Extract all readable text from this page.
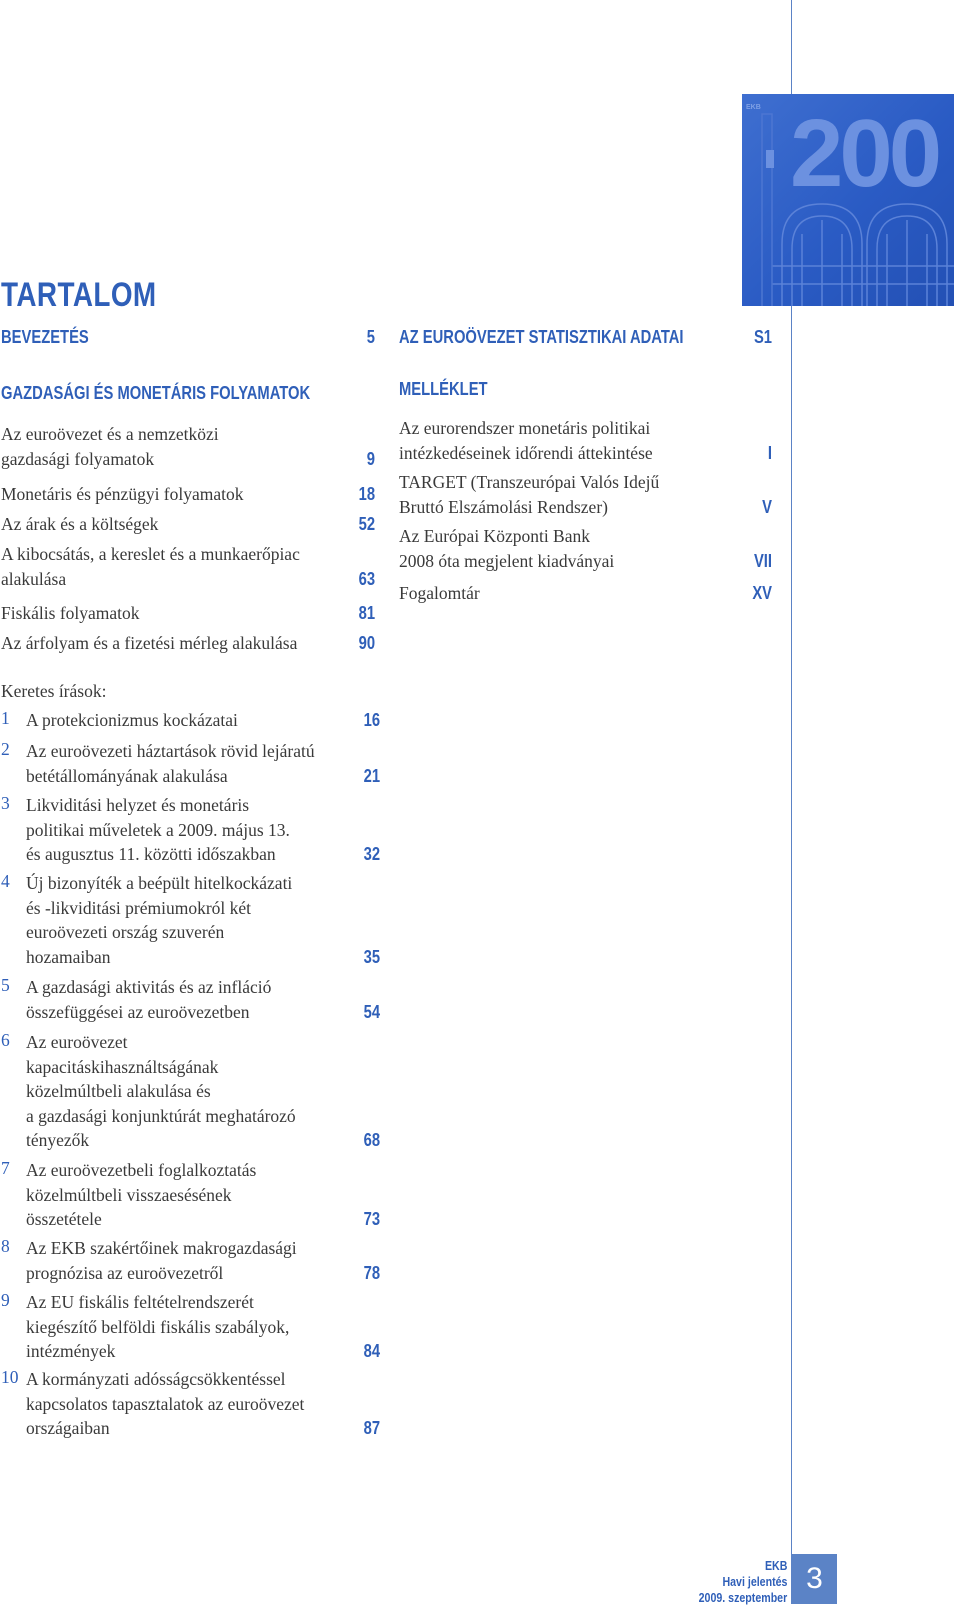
EKB 200
TARTALOM
BEVEZETÉS	5
GAZDASÁGI ÉS MONETÁRIS FOLYAMATOK
Az euroövezet és a nemzetközi
gazdasági folyamatok	9
Monetáris és pénzügyi folyamatok	18
Az árak és a költségek	52
A kibocsátás, a kereslet és a munkaerőpiac
alakulása	63
Fiskális folyamatok	81
Az árfolyam és a fizetési mérleg alakulása	90
AZ EUROÖVEZET STATISZTIKAI ADATAI	S1
MELLÉKLET
Az eurorendszer monetáris politikai
intézkedéseinek időrendi áttekintése	I
TARGET (Transzeurópai Valós Idejű
Bruttó Elszámolási Rendszer)	V
Az Európai Központi Bank
2008 óta megjelent kiadványai	VII
Fogalomtár	XV
Keretes írások:
1 A protekcionizmus kockázatai	16
2 Az euroövezeti háztartások rövid lejáratú
betétállományának alakulása	21
3 Likviditási helyzet és monetáris
politikai műveletek a 2009. május 13.
és augusztus 11. közötti időszakban	32
4 Új bizonyíték a beépült hitelkockázati
és -likviditási prémiumokról két
euroövezeti ország szuverén
hozamaiban	35
5 A gazdasági aktivitás és az infláció
összefüggései az euroövezetben	54
6 Az euroövezet
kapacitáskihasználtságának
közelmúltbeli alakulása és
a gazdasági konjunktúrát meghatározó
tényezők	68
7 Az euroövezetbeli foglalkoztatás
közelmúltbeli visszaesésének
összetétele	73
8 Az EKB szakértőinek makrogazdasági
prognózisa az euroövezetről	78
9 Az EU fiskális feltételrendszerét
kiegészítő belföldi fiskális szabályok,
intézmények	84
10 A kormányzati adósságcsökkentéssel
kapcsolatos tapasztalatok az euroövezet
országaiban	87
EKB
Havi jelentés
2009. szeptember
3
